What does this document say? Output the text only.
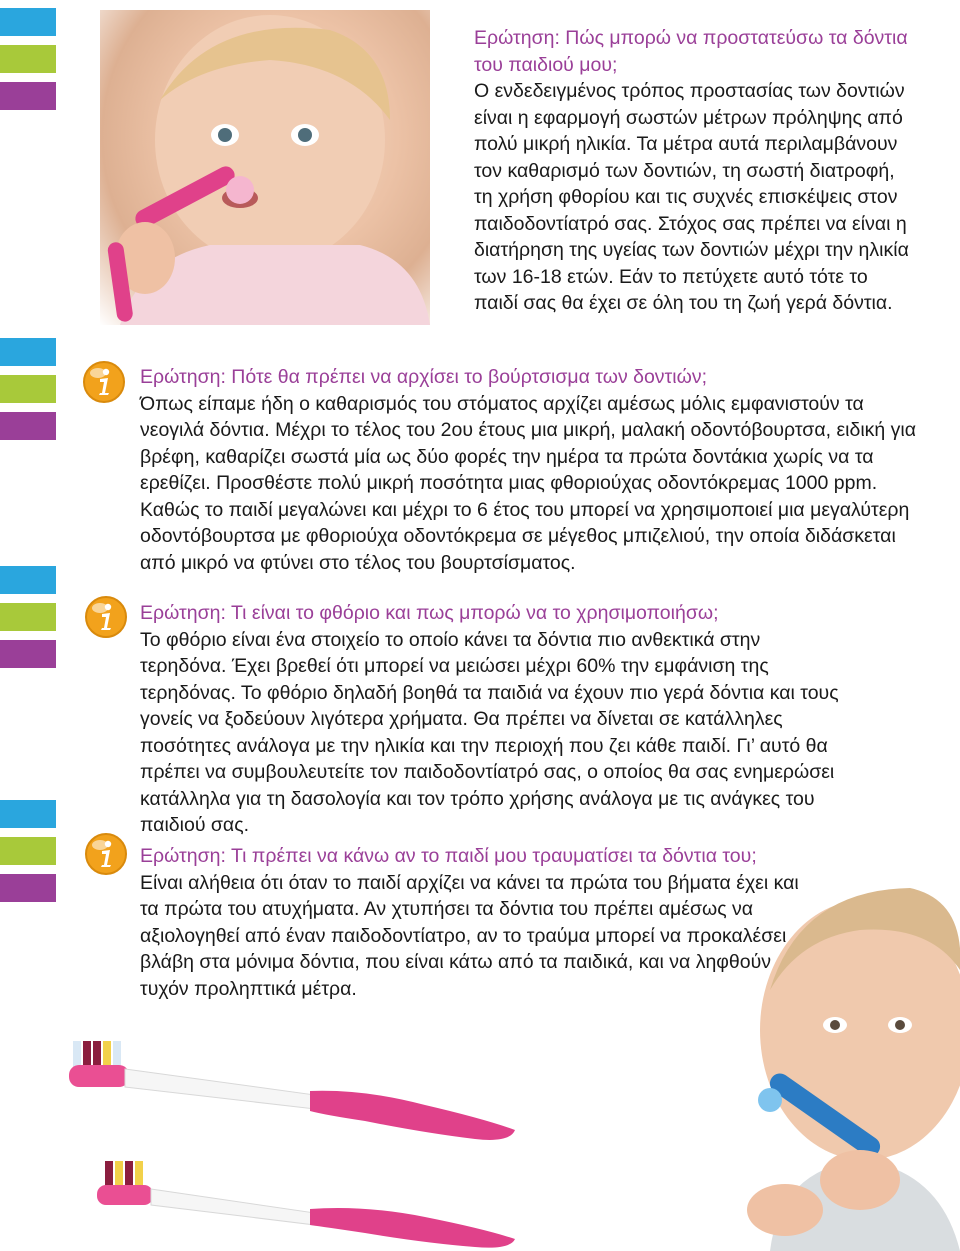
Ερώτηση: Πώς μπορώ να προστατεύσω τα δόντια του παιδιού μου;
Ο ενδεδειγμένος τρόπος προστασίας των δοντιών είναι η εφαρμογή σωστών μέτρων πρόληψης από πολύ μικρή ηλικία. Τα μέτρα αυτά περιλαμβάνουν τον καθαρισμό των δοντιών, τη σωστή διατροφή, τη χρήση φθορίου και τις συχνές επισκέψεις στον παιδοδοντίατρό σας. Στόχος σας πρέπει να είναι η διατήρηση της υγείας των δοντιών μέχρι την ηλικία των 16-18 ετών. Εάν το πετύχετε αυτό τότε το παιδί σας θα έχει σε όλη του τη ζωή γερά δόντια.
Ερώτηση: Πότε θα πρέπει να αρχίσει το βούρτσισμα των δοντιών;
Όπως είπαμε ήδη ο καθαρισμός του στόματος αρχίζει αμέσως μόλις εμφανιστούν τα νεογιλά δόντια. Μέχρι το τέλος του 2ου έτους μια μικρή, μαλακή οδοντόβουρτσα, ειδική για βρέφη, καθαρίζει σωστά μία ως δύο φορές την ημέρα τα πρώτα δοντάκια χωρίς να τα ερεθίζει. Προσθέστε πολύ μικρή ποσότητα μιας φθοριούχας οδοντόκρεμας 1000 ppm. Καθώς το παιδί μεγαλώνει και μέχρι το 6 έτος του μπορεί να χρησιμοποιεί μια μεγαλύτερη οδοντόβουρτσα με φθοριούχα οδοντόκρεμα σε μέγεθος μπιζελιού, την οποία διδάσκεται από μικρό να φτύνει στο τέλος του βουρτσίσματος.
Ερώτηση: Τι είναι το φθόριο και πως μπορώ να το χρησιμοποιήσω;
Το φθόριο είναι ένα στοιχείο το οποίο κάνει τα δόντια πιο ανθεκτικά στην τερηδόνα. Έχει βρεθεί ότι μπορεί να μειώσει μέχρι 60% την εμφάνιση της τερηδόνας. Το φθόριο δηλαδή βοηθά τα παιδιά να έχουν πιο γερά δόντια και τους γονείς να ξοδεύουν λιγότερα χρήματα. Θα πρέπει να δίνεται σε κατάλληλες ποσότητες ανάλογα με την ηλικία και την περιοχή που ζει κάθε παιδί. Γι’ αυτό θα πρέπει να συμβουλευτείτε τον παιδοδοντίατρό σας, ο οποίος θα σας ενημερώσει κατάλληλα για τη δασολογία και τον τρόπο χρήσης ανάλογα με τις ανάγκες του παιδιού σας.
Ερώτηση: Τι πρέπει να κάνω αν το παιδί μου τραυματίσει τα δόντια του;
Είναι αλήθεια ότι όταν το παιδί αρχίζει να κάνει τα πρώτα του βήματα έχει και τα πρώτα του ατυχήματα. Αν χτυπήσει τα δόντια του πρέπει αμέσως να αξιολογηθεί από έναν παιδοδοντίατρο, αν το τραύμα μπορεί να προκαλέσει βλάβη στα μόνιμα δόντια, που είναι κάτω από τα παιδικά, και να ληφθούν τυχόν προληπτικά μέτρα.
